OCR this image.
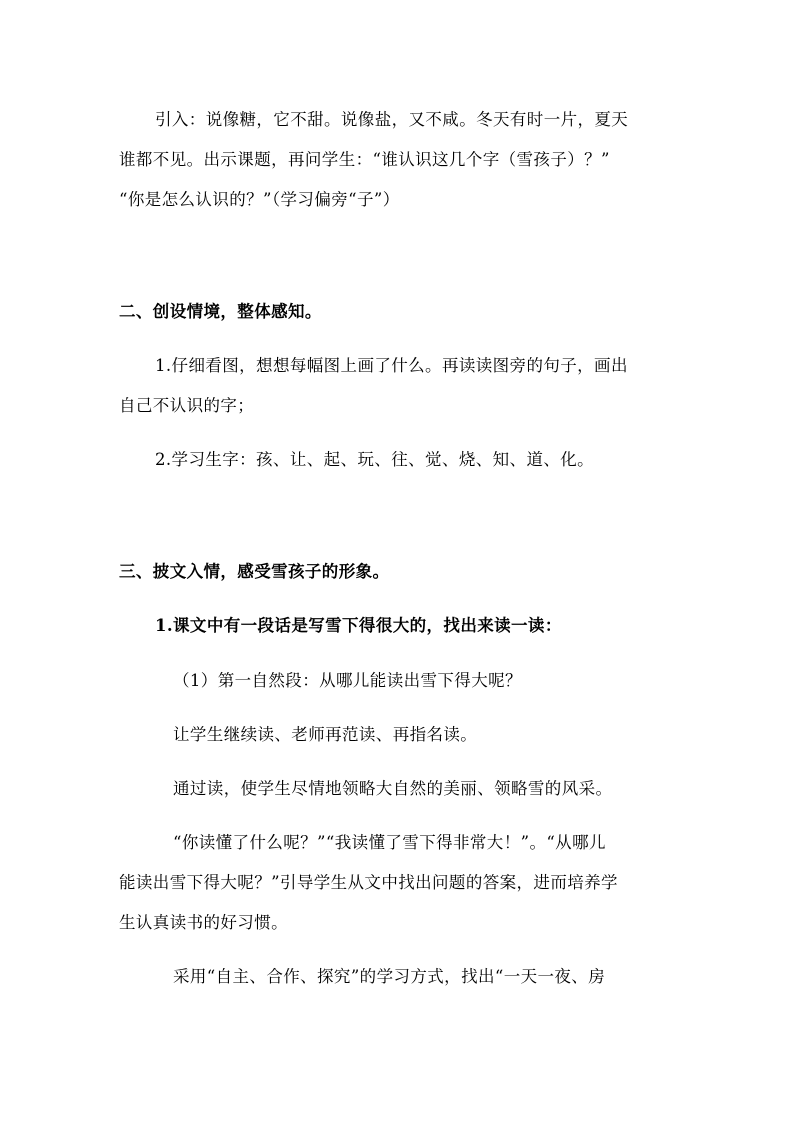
引入：说像糖，它不甜。说像盐，又不咸。冬天有时一片，夏天
谁都不见。出示课题，再问学生：“谁认识这几个字（雪孩子）？”
“你是怎么认识的？”（学习偏旁“子”）
二、创设情境，整体感知。
1.仔细看图，想想每幅图上画了什么。再读读图旁的句子，画出
自己不认识的字；
2.学习生字：孩、让、起、玩、往、觉、烧、知、道、化。
三、披文入情，感受雪孩子的形象。
1.课文中有一段话是写雪下得很大的，找出来读一读：
（1）第一自然段：从哪儿能读出雪下得大呢？
让学生继续读、老师再范读、再指名读。
通过读，使学生尽情地领略大自然的美丽、领略雪的风采。
“你读懂了什么呢？”“我读懂了雪下得非常大！”。“从哪儿
能读出雪下得大呢？”引导学生从文中找出问题的答案，进而培养学
生认真读书的好习惯。
采用“自主、合作、探究”的学习方式，找出“一天一夜、房
